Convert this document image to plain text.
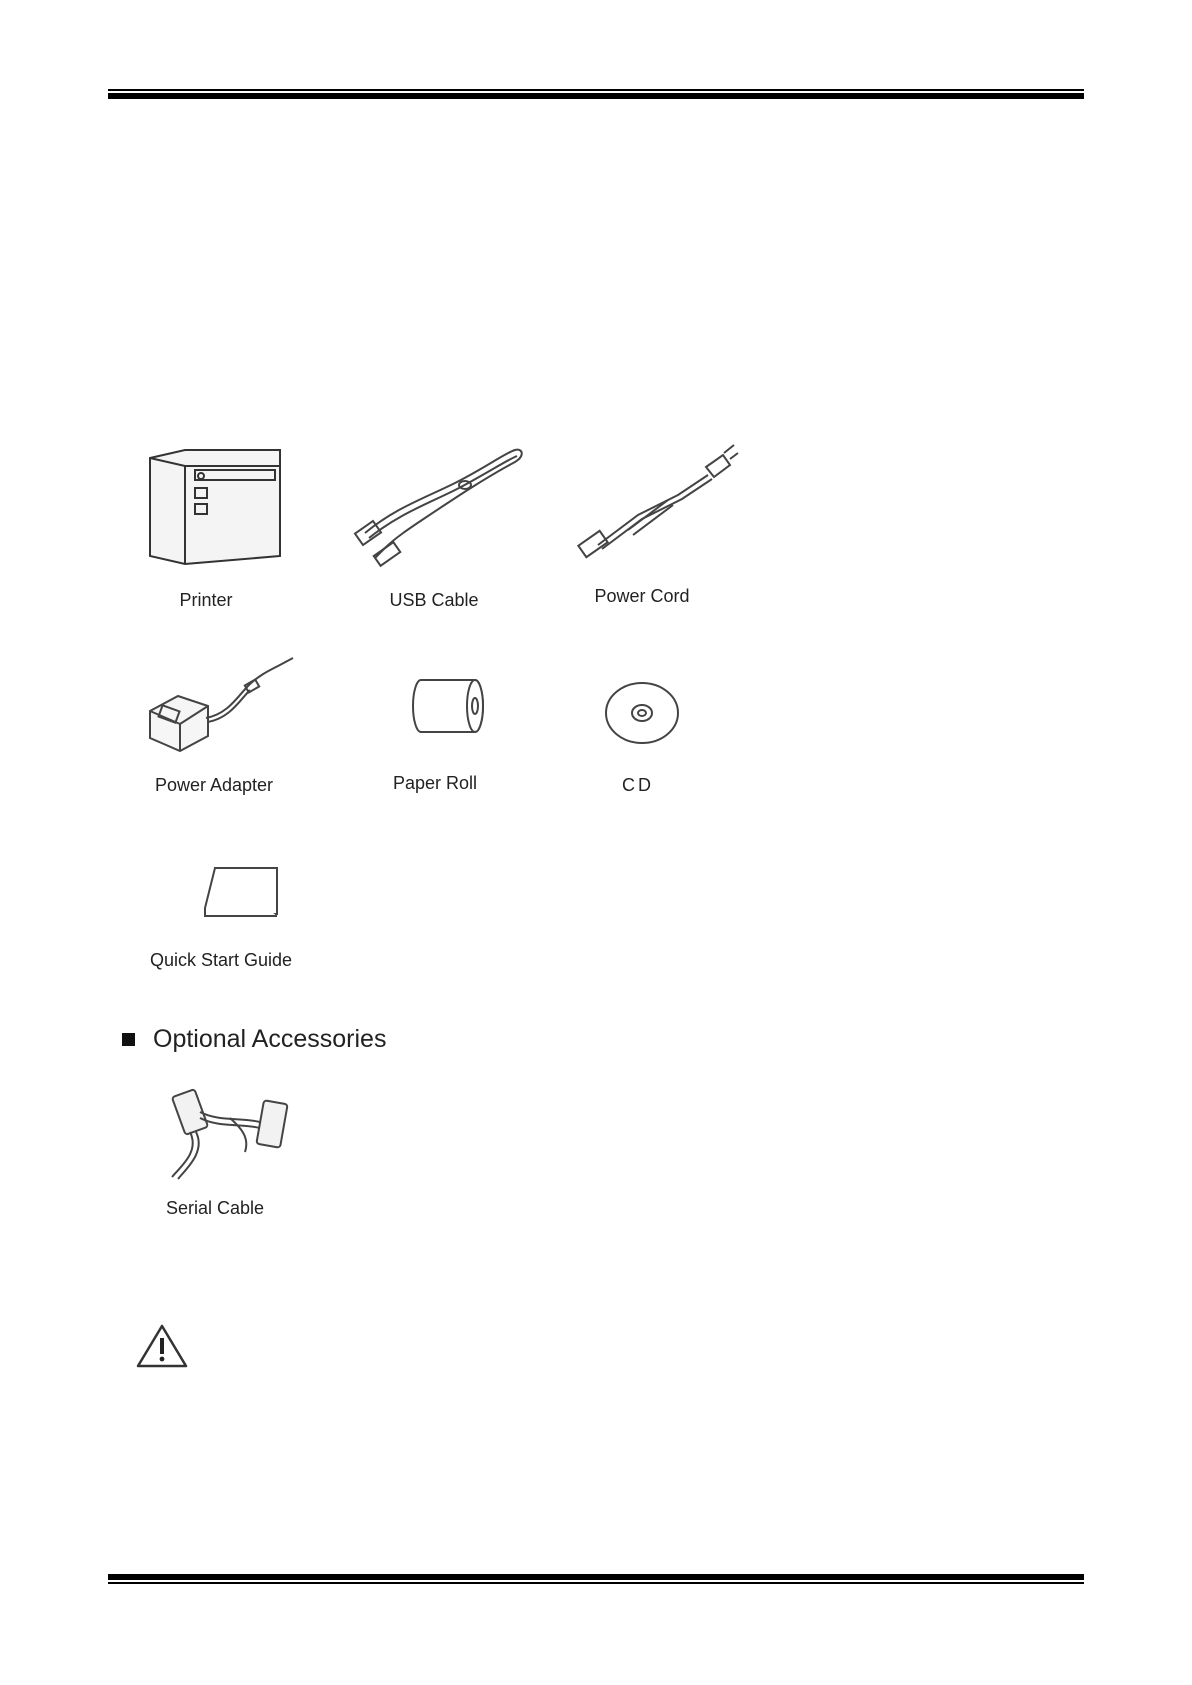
Printer	USB Cable	Power Cord
Power Adapter	Paper Roll	CD
Quick Start Guide
Optional Accessories
Serial Cable
